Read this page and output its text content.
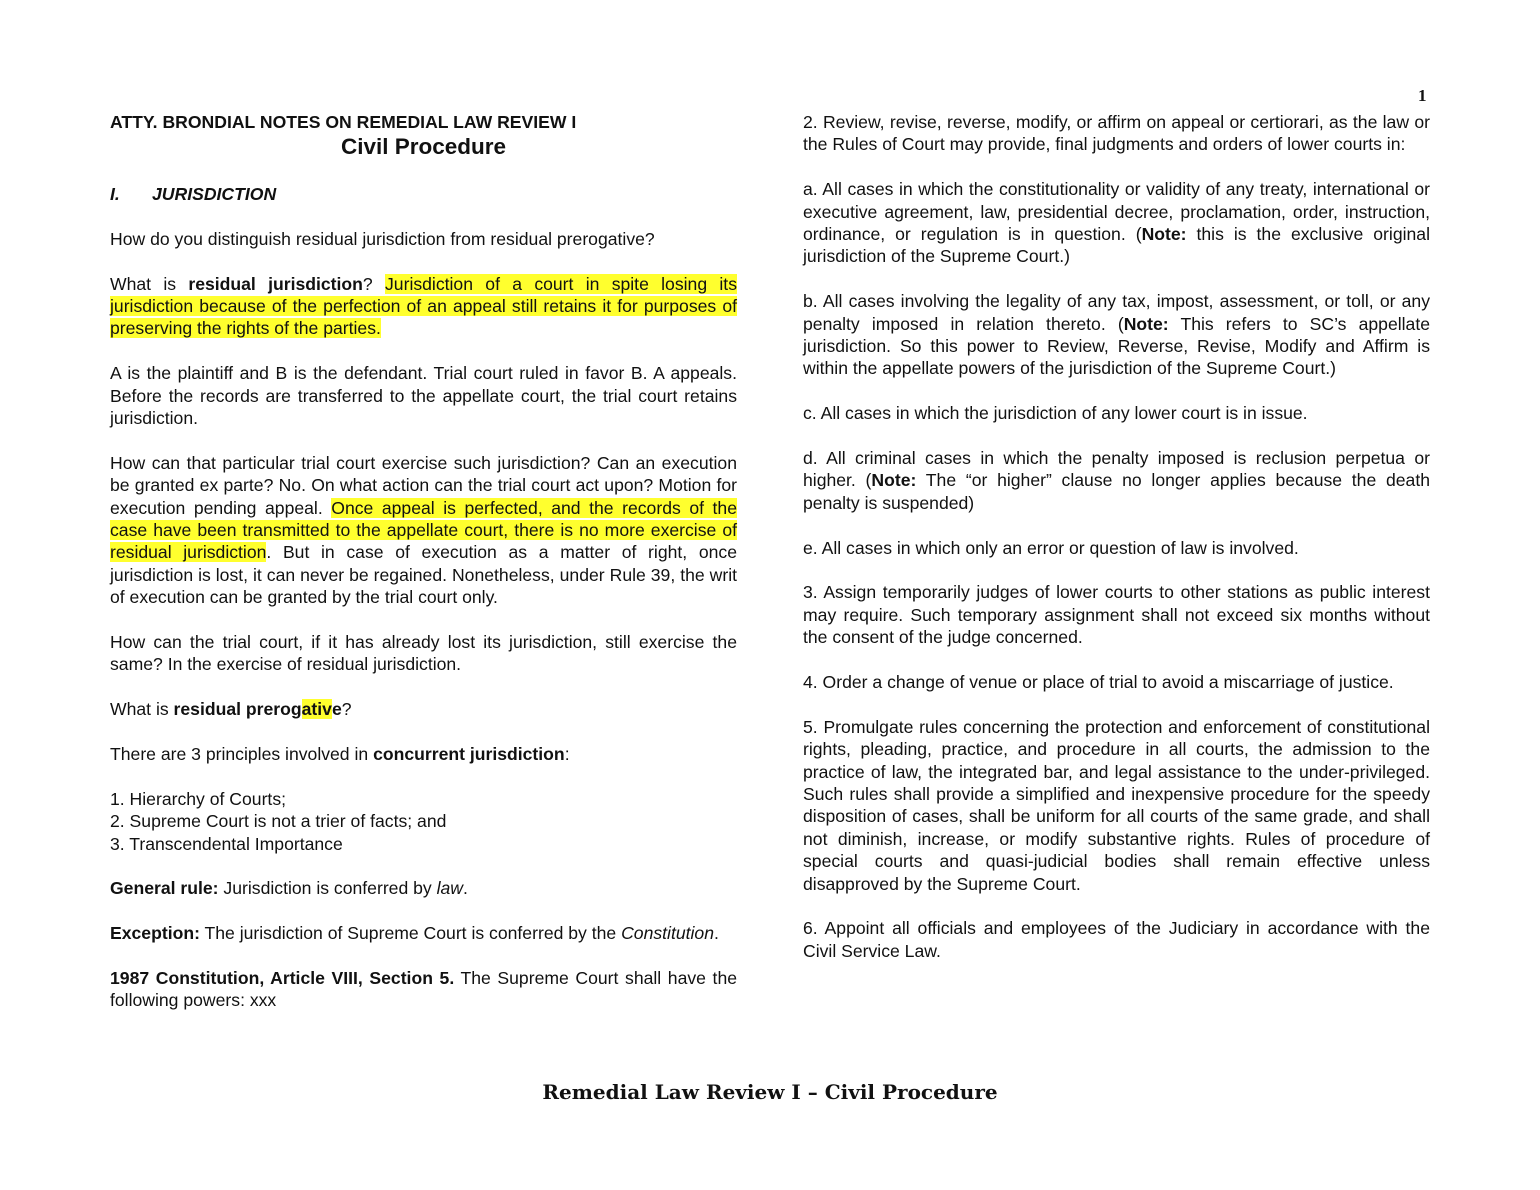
1
ATTY. BRONDIAL NOTES ON REMEDIAL LAW REVIEW I
Civil Procedure
I. JURISDICTION

How do you distinguish residual jurisdiction from residual prerogative?

What is residual jurisdiction? Jurisdiction of a court in spite losing its jurisdiction because of the perfection of an appeal still retains it for purposes of preserving the rights of the parties.

A is the plaintiff and B is the defendant. Trial court ruled in favor B. A appeals. Before the records are transferred to the appellate court, the trial court retains jurisdiction.

How can that particular trial court exercise such jurisdiction? Can an execution be granted ex parte? No. On what action can the trial court act upon? Motion for execution pending appeal. Once appeal is perfected, and the records of the case have been transmitted to the appellate court, there is no more exercise of residual jurisdiction. But in case of execution as a matter of right, once jurisdiction is lost, it can never be regained. Nonetheless, under Rule 39, the writ of execution can be granted by the trial court only.

How can the trial court, if it has already lost its jurisdiction, still exercise the same? In the exercise of residual jurisdiction.

What is residual prerogative?

There are 3 principles involved in concurrent jurisdiction:

1. Hierarchy of Courts;
2. Supreme Court is not a trier of facts; and
3. Transcendental Importance

General rule: Jurisdiction is conferred by law.

Exception: The jurisdiction of Supreme Court is conferred by the Constitution.

1987 Constitution, Article VIII, Section 5. The Supreme Court shall have the following powers: xxx

2. Review, revise, reverse, modify, or affirm on appeal or certiorari, as the law or the Rules of Court may provide, final judgments and orders of lower courts in:

a. All cases in which the constitutionality or validity of any treaty, international or executive agreement, law, presidential decree, proclamation, order, instruction, ordinance, or regulation is in question. (Note: this is the exclusive original jurisdiction of the Supreme Court.)

b. All cases involving the legality of any tax, impost, assessment, or toll, or any penalty imposed in relation thereto. (Note: This refers to SC’s appellate jurisdiction. So this power to Review, Reverse, Revise, Modify and Affirm is within the appellate powers of the jurisdiction of the Supreme Court.)

c. All cases in which the jurisdiction of any lower court is in issue.

d. All criminal cases in which the penalty imposed is reclusion perpetua or higher. (Note: The “or higher” clause no longer applies because the death penalty is suspended)

e. All cases in which only an error or question of law is involved.

3. Assign temporarily judges of lower courts to other stations as public interest may require. Such temporary assignment shall not exceed six months without the consent of the judge concerned.

4. Order a change of venue or place of trial to avoid a miscarriage of justice.

5. Promulgate rules concerning the protection and enforcement of constitutional rights, pleading, practice, and procedure in all courts, the admission to the practice of law, the integrated bar, and legal assistance to the under-privileged. Such rules shall provide a simplified and inexpensive procedure for the speedy disposition of cases, shall be uniform for all courts of the same grade, and shall not diminish, increase, or modify substantive rights. Rules of procedure of special courts and quasi-judicial bodies shall remain effective unless disapproved by the Supreme Court.

6. Appoint all officials and employees of the Judiciary in accordance with the Civil Service Law.

Remedial Law Review I – Civil Procedure
